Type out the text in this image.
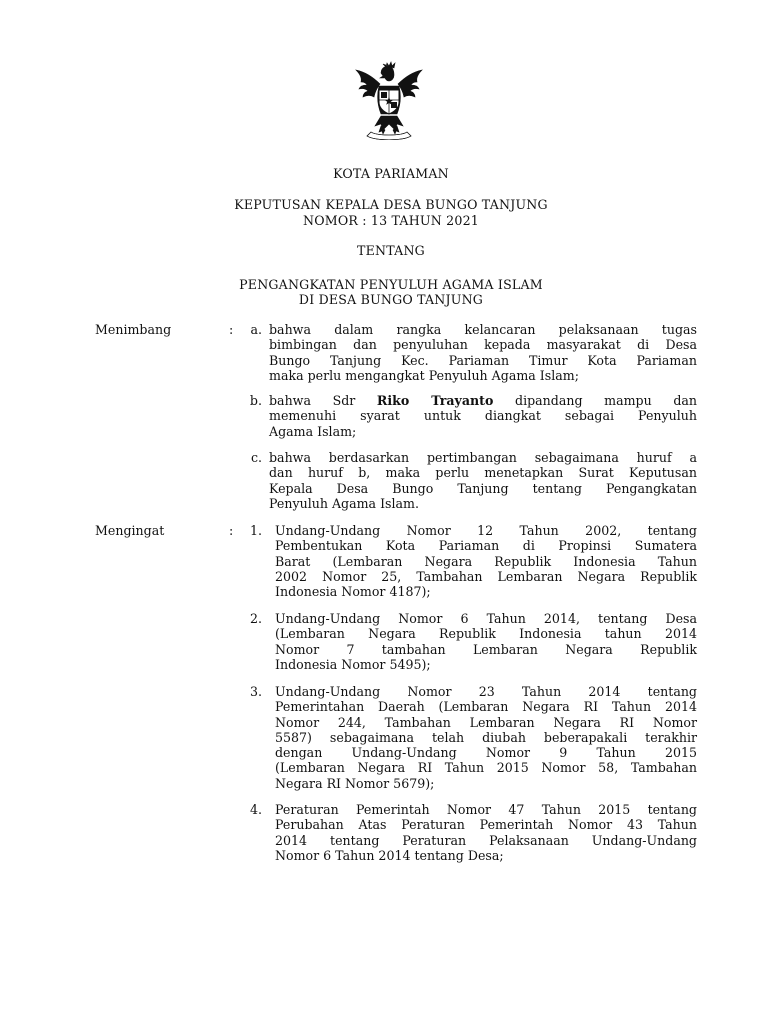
KOTA PARIAMAN
KEPUTUSAN KEPALA DESA BUNGO TANJUNG
NOMOR : 13 TAHUN 2021
TENTANG
PENGANGKATAN PENYULUH AGAMA ISLAM
DI DESA BUNGO TANJUNG
Menimbang	:	a. bahwa dalam rangka kelancaran pelaksanaan tugas
bimbingan dan penyuluhan kepada masyarakat di Desa
Bungo Tanjung Kec. Pariaman Timur Kota Pariaman
maka perlu mengangkat Penyuluh Agama Islam;
b. bahwa Sdr Riko Trayanto dipandang mampu dan
memenuhi syarat untuk diangkat sebagai Penyuluh
Agama Islam;
c. bahwa berdasarkan pertimbangan sebagaimana huruf a
dan huruf b, maka perlu menetapkan Surat Keputusan
Kepala Desa Bungo Tanjung tentang Pengangkatan
Penyuluh Agama Islam.
Mengingat	:	1. Undang-Undang Nomor 12 Tahun 2002, tentang
Pembentukan Kota Pariaman di Propinsi Sumatera
Barat (Lembaran Negara Republik Indonesia Tahun
2002 Nomor 25, Tambahan Lembaran Negara Republik
Indonesia Nomor 4187);
2. Undang-Undang Nomor 6 Tahun 2014, tentang Desa
(Lembaran Negara Republik Indonesia tahun 2014
Nomor 7 tambahan Lembaran Negara Republik
Indonesia Nomor 5495);
3. Undang-Undang Nomor 23 Tahun 2014 tentang
Pemerintahan Daerah (Lembaran Negara RI Tahun 2014
Nomor 244, Tambahan Lembaran Negara RI Nomor
5587) sebagaimana telah diubah beberapakali terakhir
dengan Undang-Undang Nomor 9 Tahun 2015
(Lembaran Negara RI Tahun 2015 Nomor 58, Tambahan
Negara RI Nomor 5679);
4. Peraturan Pemerintah Nomor 47 Tahun 2015 tentang
Perubahan Atas Peraturan Pemerintah Nomor 43 Tahun
2014 tentang Peraturan Pelaksanaan Undang-Undang
Nomor 6 Tahun 2014 tentang Desa;
